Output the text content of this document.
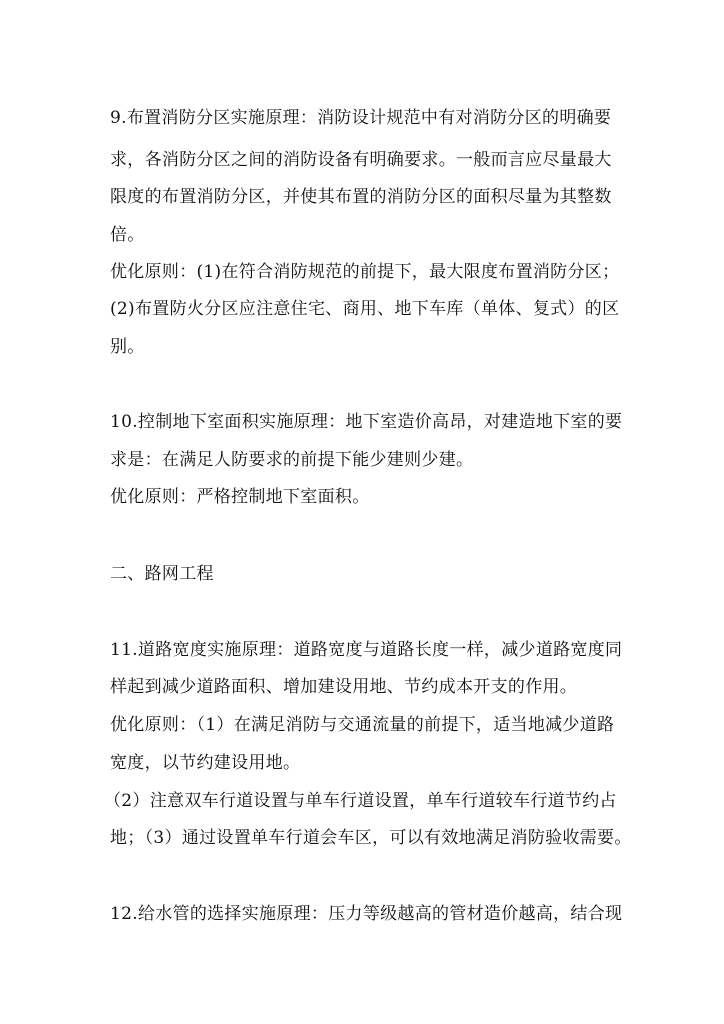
9.布置消防分区实施原理：消防设计规范中有对消防分区的明确要
求，各消防分区之间的消防设备有明确要求。一般而言应尽量最大
限度的布置消防分区，并使其布置的消防分区的面积尽量为其整数
倍。
优化原则：(1)在符合消防规范的前提下，最大限度布置消防分区；
(2)布置防火分区应注意住宅、商用、地下车库（单体、复式）的区
别。
10.控制地下室面积实施原理：地下室造价高昂，对建造地下室的要
求是：在满足人防要求的前提下能少建则少建。
优化原则：严格控制地下室面积。
二、路网工程
11.道路宽度实施原理：道路宽度与道路长度一样，减少道路宽度同
样起到减少道路面积、增加建设用地、节约成本开支的作用。
优化原则：（1）在满足消防与交通流量的前提下，适当地减少道路
宽度，以节约建设用地。
（2）注意双车行道设置与单车行道设置，单车行道较车行道节约占
地；（3）通过设置单车行道会车区，可以有效地满足消防验收需要。
12.给水管的选择实施原理：压力等级越高的管材造价越高，结合现
